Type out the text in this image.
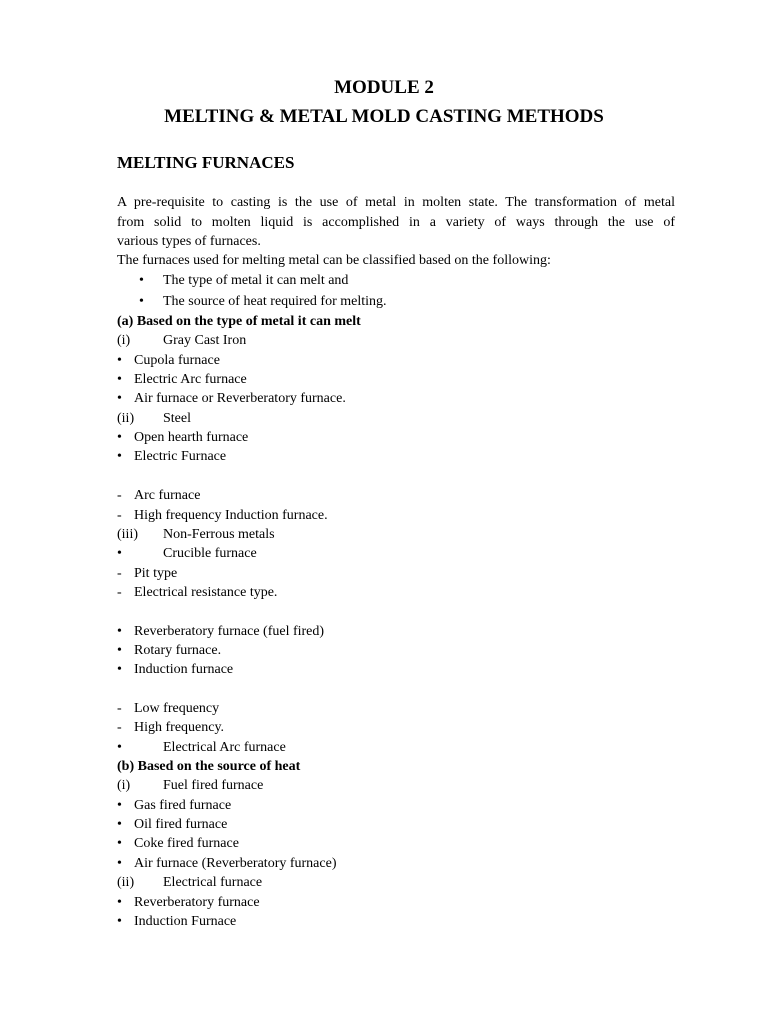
MODULE 2
MELTING & METAL MOLD CASTING METHODS
MELTING FURNACES
A pre-requisite to casting is the use of metal in molten state. The transformation of metal
from solid to molten liquid is accomplished in a variety of ways through the use of
various types of furnaces.
The furnaces used for melting metal can be classified based on the following:
• The type of metal it can melt and
• The source of heat required for melting.
(a) Based on the type of metal it can melt
(i) Gray Cast Iron
• Cupola furnace
• Electric Arc furnace
• Air furnace or Reverberatory furnace.
(ii) Steel
• Open hearth furnace
• Electric Furnace
- Arc furnace
- High frequency Induction furnace.
(iii) Non-Ferrous metals
•	Crucible furnace
- Pit type
- Electrical resistance type.
• Reverberatory furnace (fuel fired)
• Rotary furnace.
• Induction furnace
- Low frequency
- High frequency.
•	Electrical Arc furnace
(b) Based on the source of heat
(i) Fuel fired furnace
• Gas fired furnace
• Oil fired furnace
• Coke fired furnace
• Air furnace (Reverberatory furnace)
(ii) Electrical furnace
• Reverberatory furnace
• Induction Furnace
